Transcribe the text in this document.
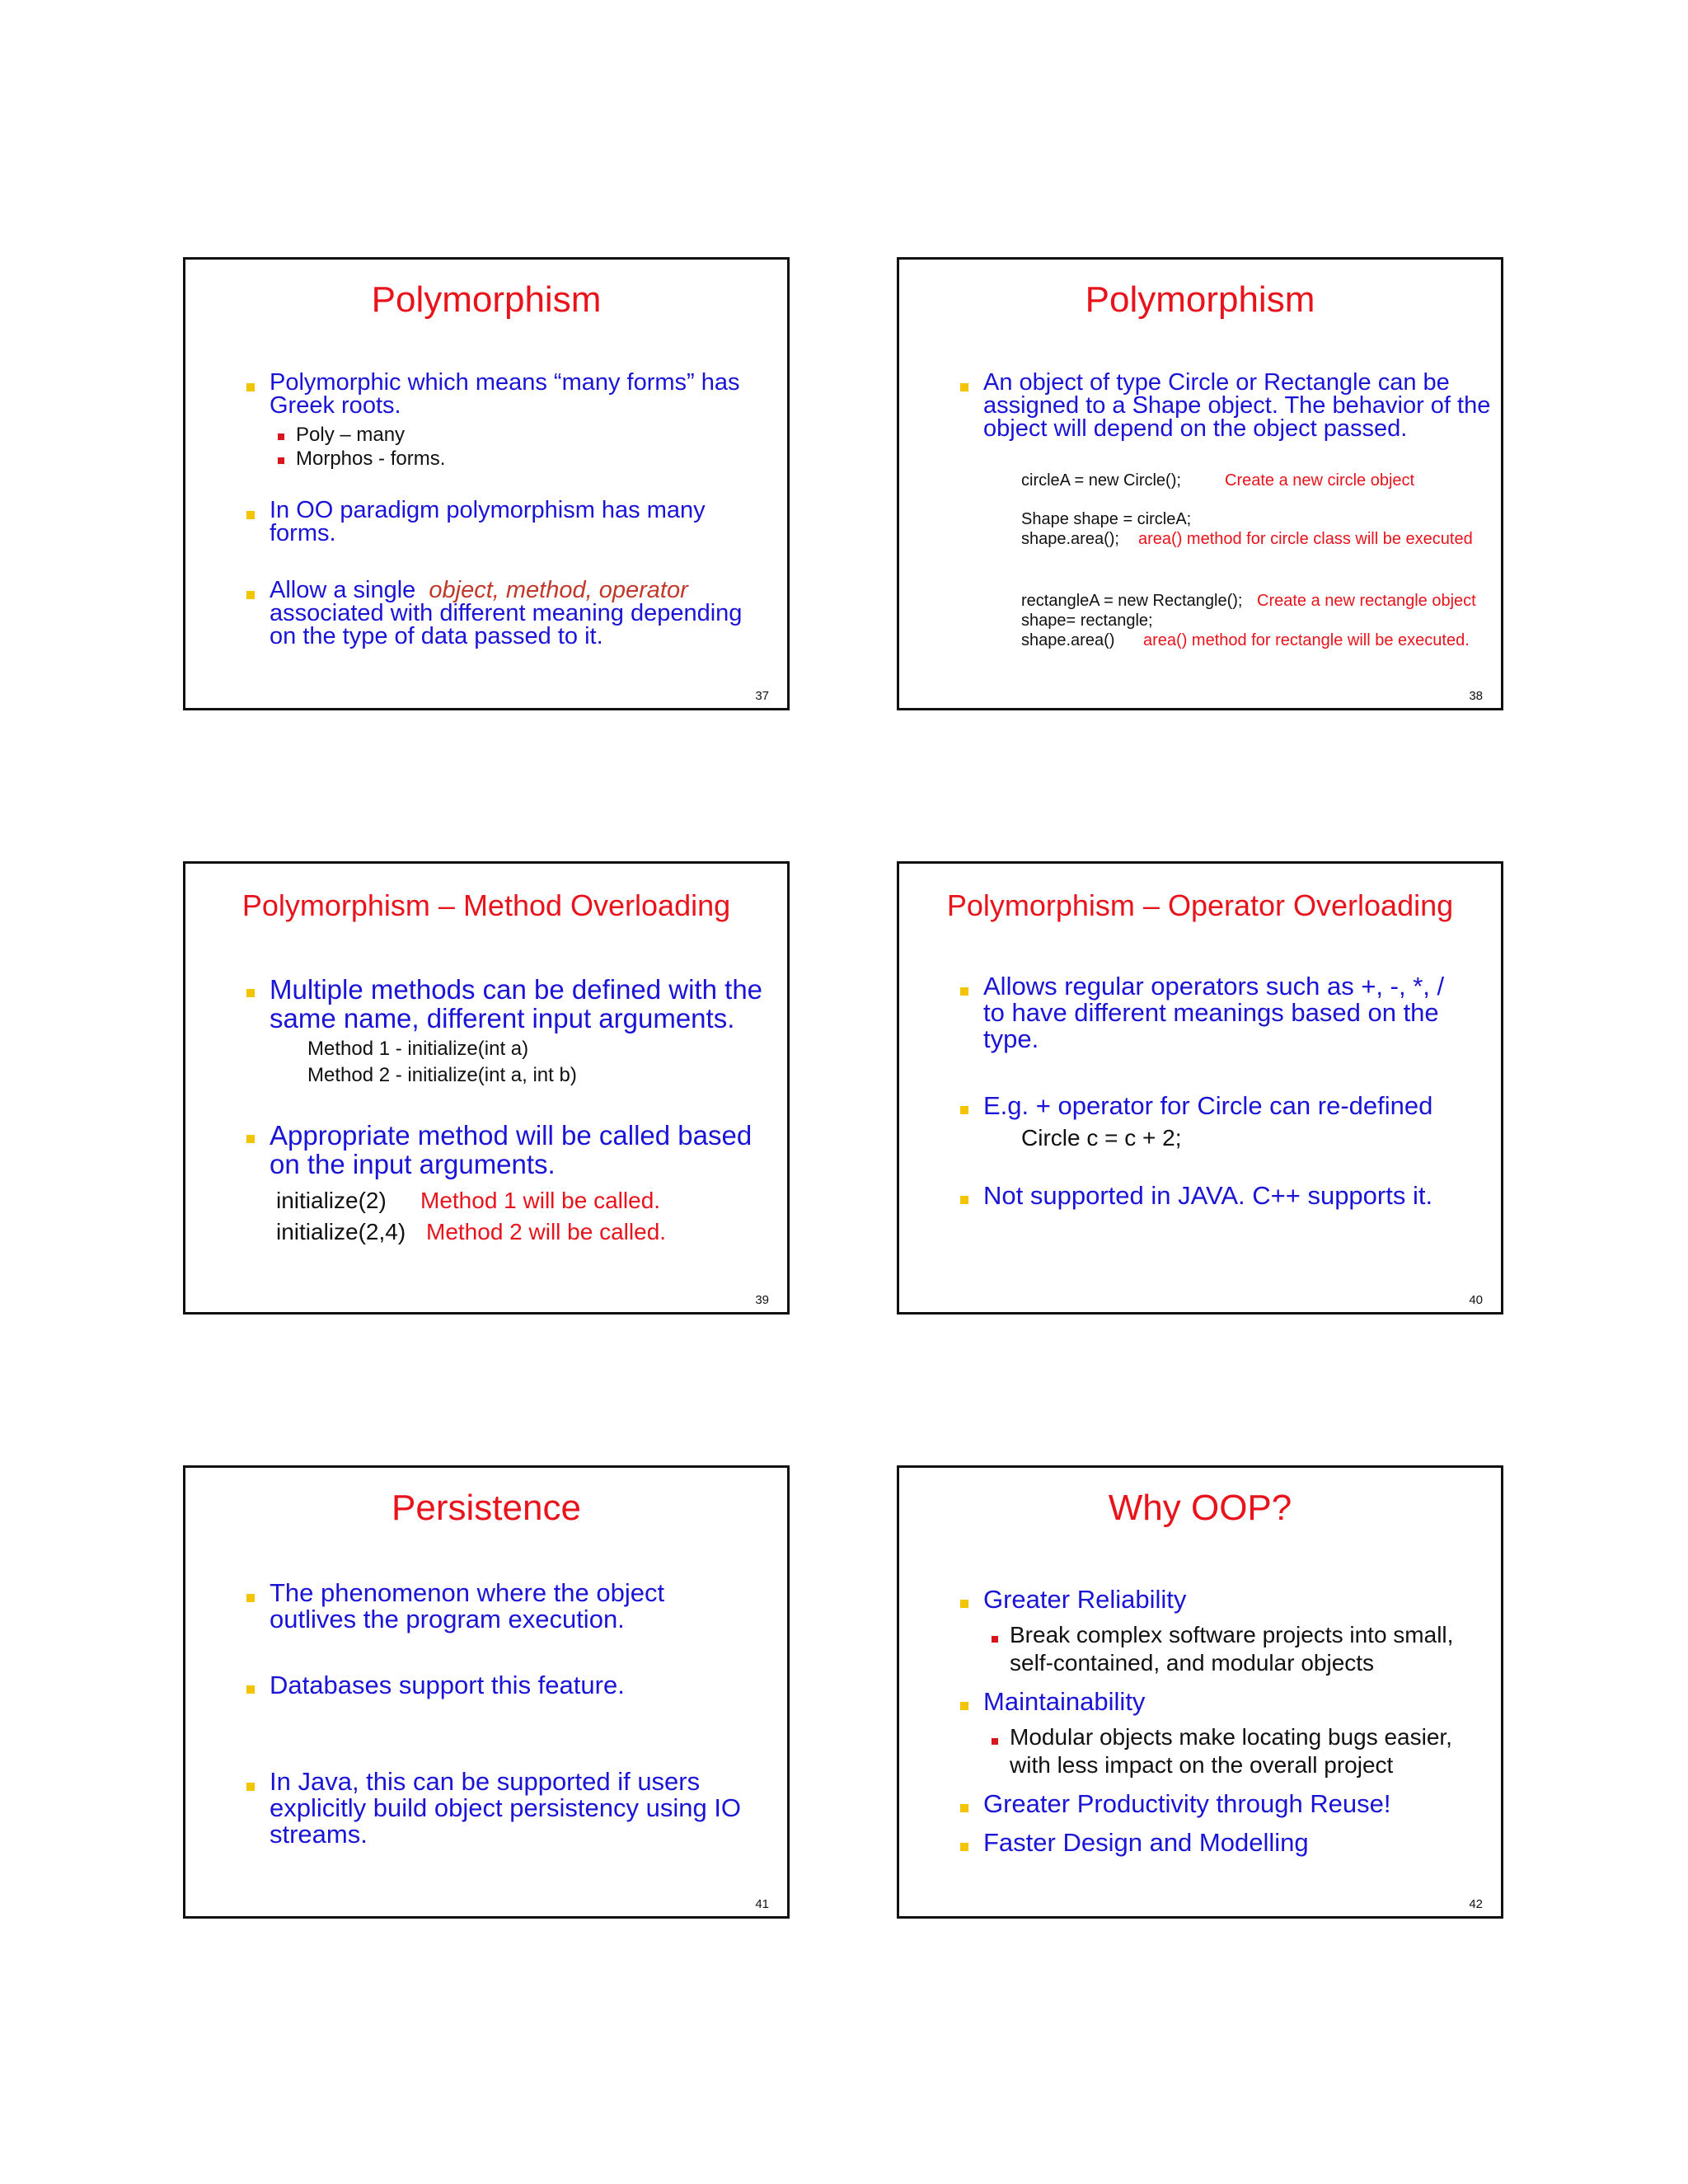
Polymorphism
Polymorphic which means “many forms” has
Greek roots.
Poly – many
Morphos - forms.
In OO paradigm polymorphism has many
forms.
Allow a single object, method, operator
associated with different meaning depending
on the type of data passed to it.
37
Polymorphism
An object of type Circle or Rectangle can be
assigned to a Shape object. The behavior of the
object will depend on the object passed.
circleA = new Circle();	Create a new circle object
Shape shape = circleA;
shape.area(); area() method for circle class will be executed
rectangleA = new Rectangle(); Create a new rectangle object
shape= rectangle;
shape.area() area() method for rectangle will be executed.
38
Polymorphism – Method Overloading
Multiple methods can be defined with the
same name, different input arguments.
Method 1 - initialize(int a)
Method 2 - initialize(int a, int b)
Appropriate method will be called based
on the input arguments.
initialize(2) Method 1 will be called.
initialize(2,4) Method 2 will be called.
39
Polymorphism – Operator Overloading
Allows regular operators such as +, -, *, /
to have different meanings based on the
type.
E.g. + operator for Circle can re-defined
Circle c = c + 2;
Not supported in JAVA. C++ supports it.
40
Persistence
The phenomenon where the object
outlives the program execution.
Databases support this feature.
In Java, this can be supported if users
explicitly build object persistency using IO
streams.
41
Why OOP?
Greater Reliability
Break complex software projects into small,
self-contained, and modular objects
Maintainability
Modular objects make locating bugs easier,
with less impact on the overall project
Greater Productivity through Reuse!
Faster Design and Modelling
42
